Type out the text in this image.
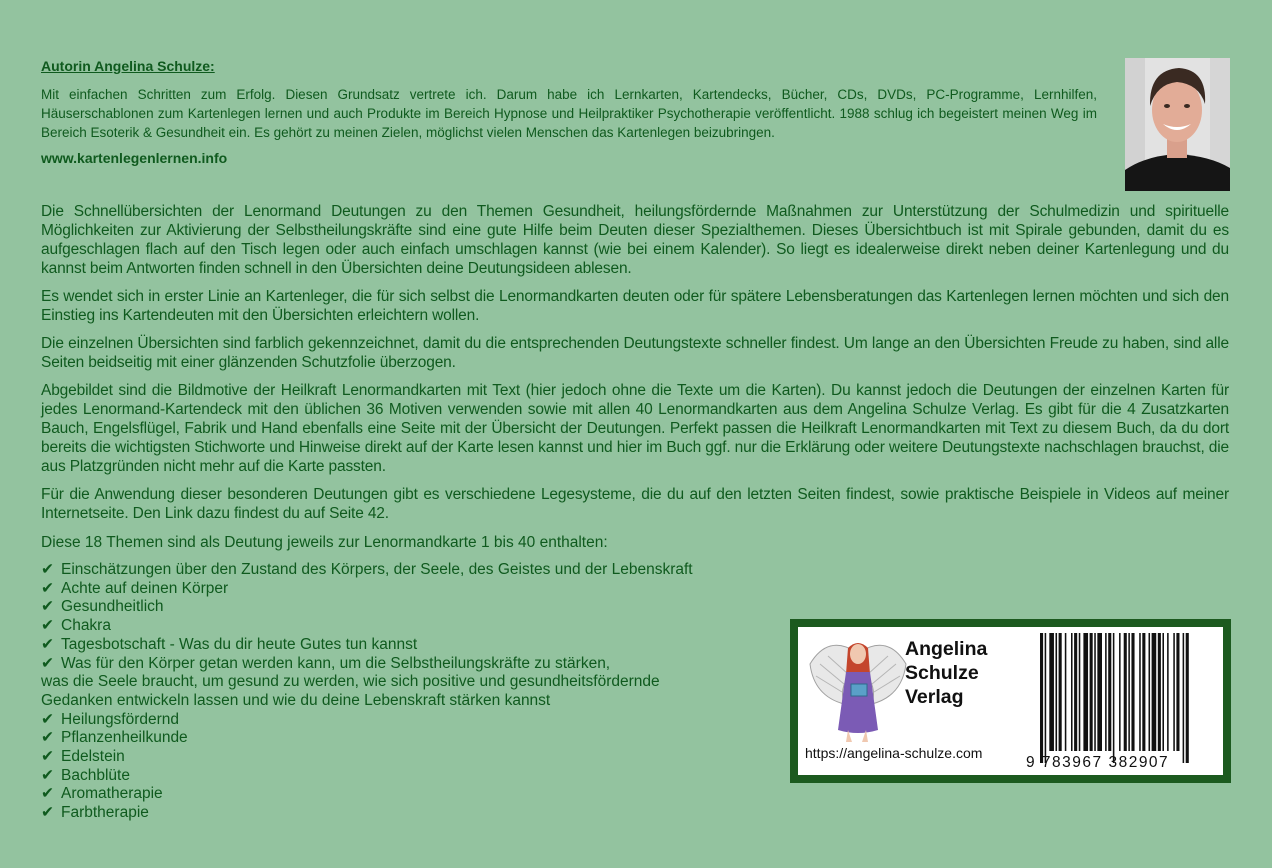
Autorin Angelina Schulze:
Mit einfachen Schritten zum Erfolg. Diesen Grundsatz vertrete ich. Darum habe ich Lernkarten, Kartendecks, Bücher, CDs, DVDs, PC-Programme, Lernhilfen, Häuserschablonen zum Kartenlegen lernen und auch Produkte im Bereich Hypnose und Heilpraktiker Psychotherapie veröffentlicht. 1988 schlug ich begeistert meinen Weg im Bereich Esoterik & Gesundheit ein. Es gehört zu meinen Zielen, möglichst vielen Menschen das Kartenlegen beizubringen.
www.kartenlegenlernen.info

Die Schnellübersichten der Lenormand Deutungen zu den Themen Gesundheit, heilungsfördernde Maßnahmen zur Unterstützung der Schulmedizin und spirituelle Möglichkeiten zur Aktivierung der Selbstheilungskräfte sind eine gute Hilfe beim Deuten dieser Spezialthemen. Dieses Übersichtbuch ist mit Spirale gebunden, damit du es aufgeschlagen flach auf den Tisch legen oder auch einfach umschlagen kannst (wie bei einem Kalender). So liegt es idealerweise direkt neben deiner Kartenlegung und du kannst beim Antworten finden schnell in den Übersichten deine Deutungsideen ablesen.

Es wendet sich in erster Linie an Kartenleger, die für sich selbst die Lenormandkarten deuten oder für spätere Lebensberatungen das Kartenlegen lernen möchten und sich den Einstieg ins Kartendeuten mit den Übersichten erleichtern wollen.

Die einzelnen Übersichten sind farblich gekennzeichnet, damit du die entsprechenden Deutungstexte schneller findest. Um lange an den Übersichten Freude zu haben, sind alle Seiten beidseitig mit einer glänzenden Schutzfolie überzogen.

Abgebildet sind die Bildmotive der Heilkraft Lenormandkarten mit Text (hier jedoch ohne die Texte um die Karten). Du kannst jedoch die Deutungen der einzelnen Karten für jedes Lenormand-Kartendeck mit den üblichen 36 Motiven verwenden sowie mit allen 40 Lenormandkarten aus dem Angelina Schulze Verlag. Es gibt für die 4 Zusatzkarten Bauch, Engelsflügel, Fabrik und Hand ebenfalls eine Seite mit der Übersicht der Deutungen. Perfekt passen die Heilkraft Lenormandkarten mit Text zu diesem Buch, da du dort bereits die wichtigsten Stichworte und Hinweise direkt auf der Karte lesen kannst und hier im Buch ggf. nur die Erklärung oder weitere Deutungstexte nachschlagen brauchst, die aus Platzgründen nicht mehr auf die Karte passten.

Für die Anwendung dieser besonderen Deutungen gibt es verschiedene Legesysteme, die du auf den letzten Seiten findest, sowie praktische Beispiele in Videos auf meiner Internetseite. Den Link dazu findest du auf Seite 42.

Diese 18 Themen sind als Deutung jeweils zur Lenormandkarte 1 bis 40 enthalten:
✔ Einschätzungen über den Zustand des Körpers, der Seele, des Geistes und der Lebenskraft
✔ Achte auf deinen Körper
✔ Gesundheitlich
✔ Chakra
✔ Tagesbotschaft - Was du dir heute Gutes tun kannst
✔ Was für den Körper getan werden kann, um die Selbstheilungskräfte zu stärken,
was die Seele braucht, um gesund zu werden, wie sich positive und gesundheitsfördernde
Gedanken entwickeln lassen und wie du deine Lebenskraft stärken kannst
✔ Heilungsfördernd
✔ Pflanzenheilkunde
✔ Edelstein
✔ Bachblüte
✔ Aromatherapie
✔ Farbtherapie
Angelina
Schulze
Verlag
https://angelina-schulze.com
9 783967 382907
